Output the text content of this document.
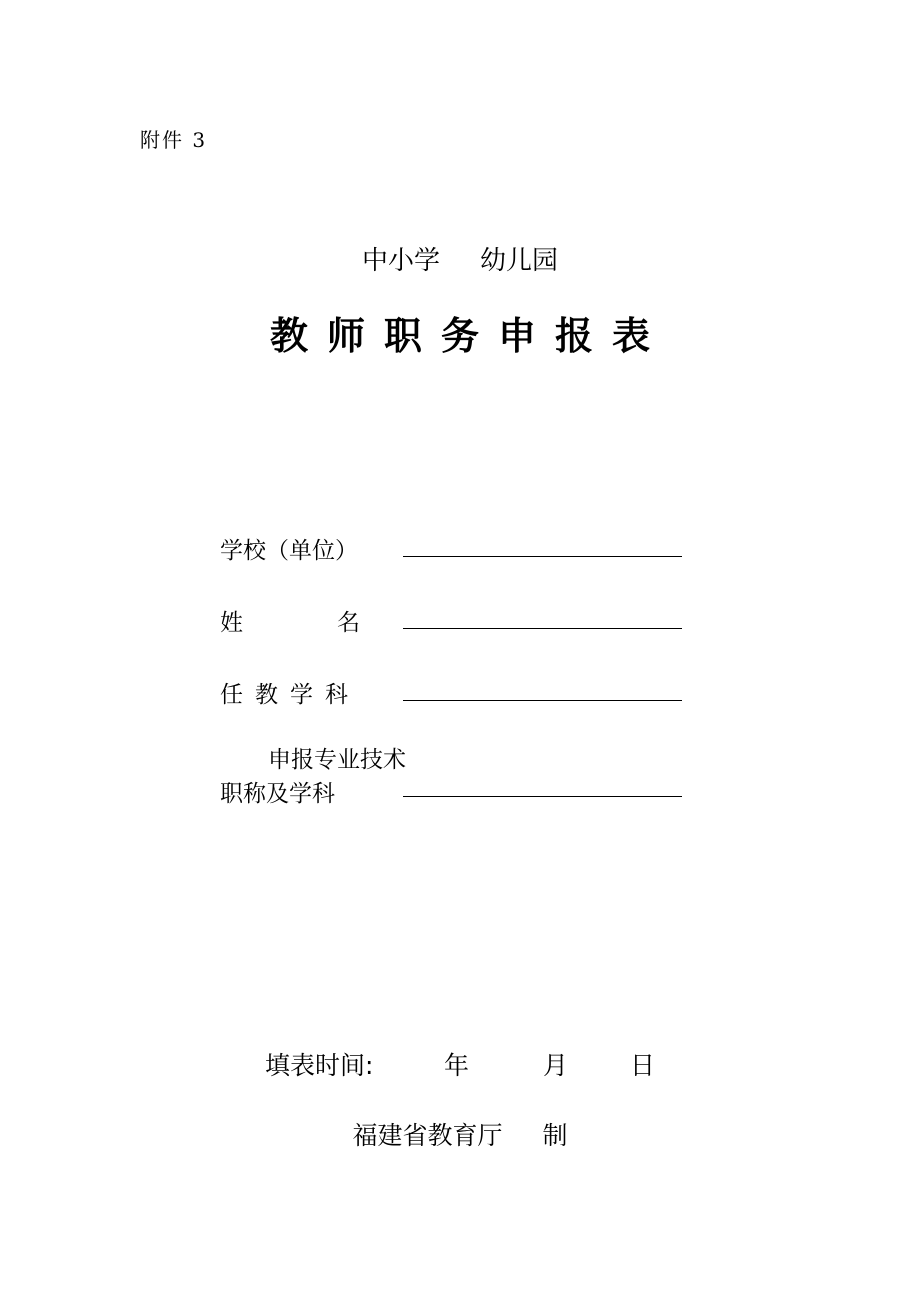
附件 3
中小学 幼儿园
教师职务申报表
学校（单位）
姓	名
任教学科
申报专业技术
职称及学科
填表时间:	年	月 日
福建省教育厅 制
